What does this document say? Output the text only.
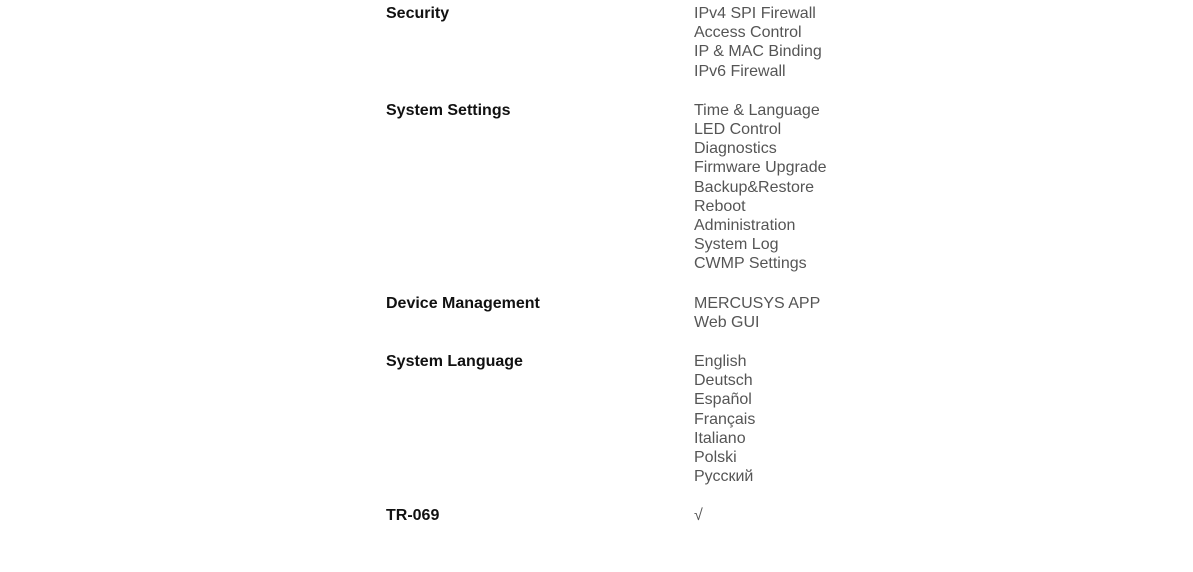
Security	IPv4 SPI Firewall
Access Control
IP & MAC Binding
IPv6 Firewall
System Settings	Time & Language
LED Control
Diagnostics
Firmware Upgrade
Backup&Restore
Reboot
Administration
System Log
CWMP Settings
Device Management	MERCUSYS APP
Web GUI
System Language	English
Deutsch
Español
Français
Italiano
Polski
Русский
TR-069	√
